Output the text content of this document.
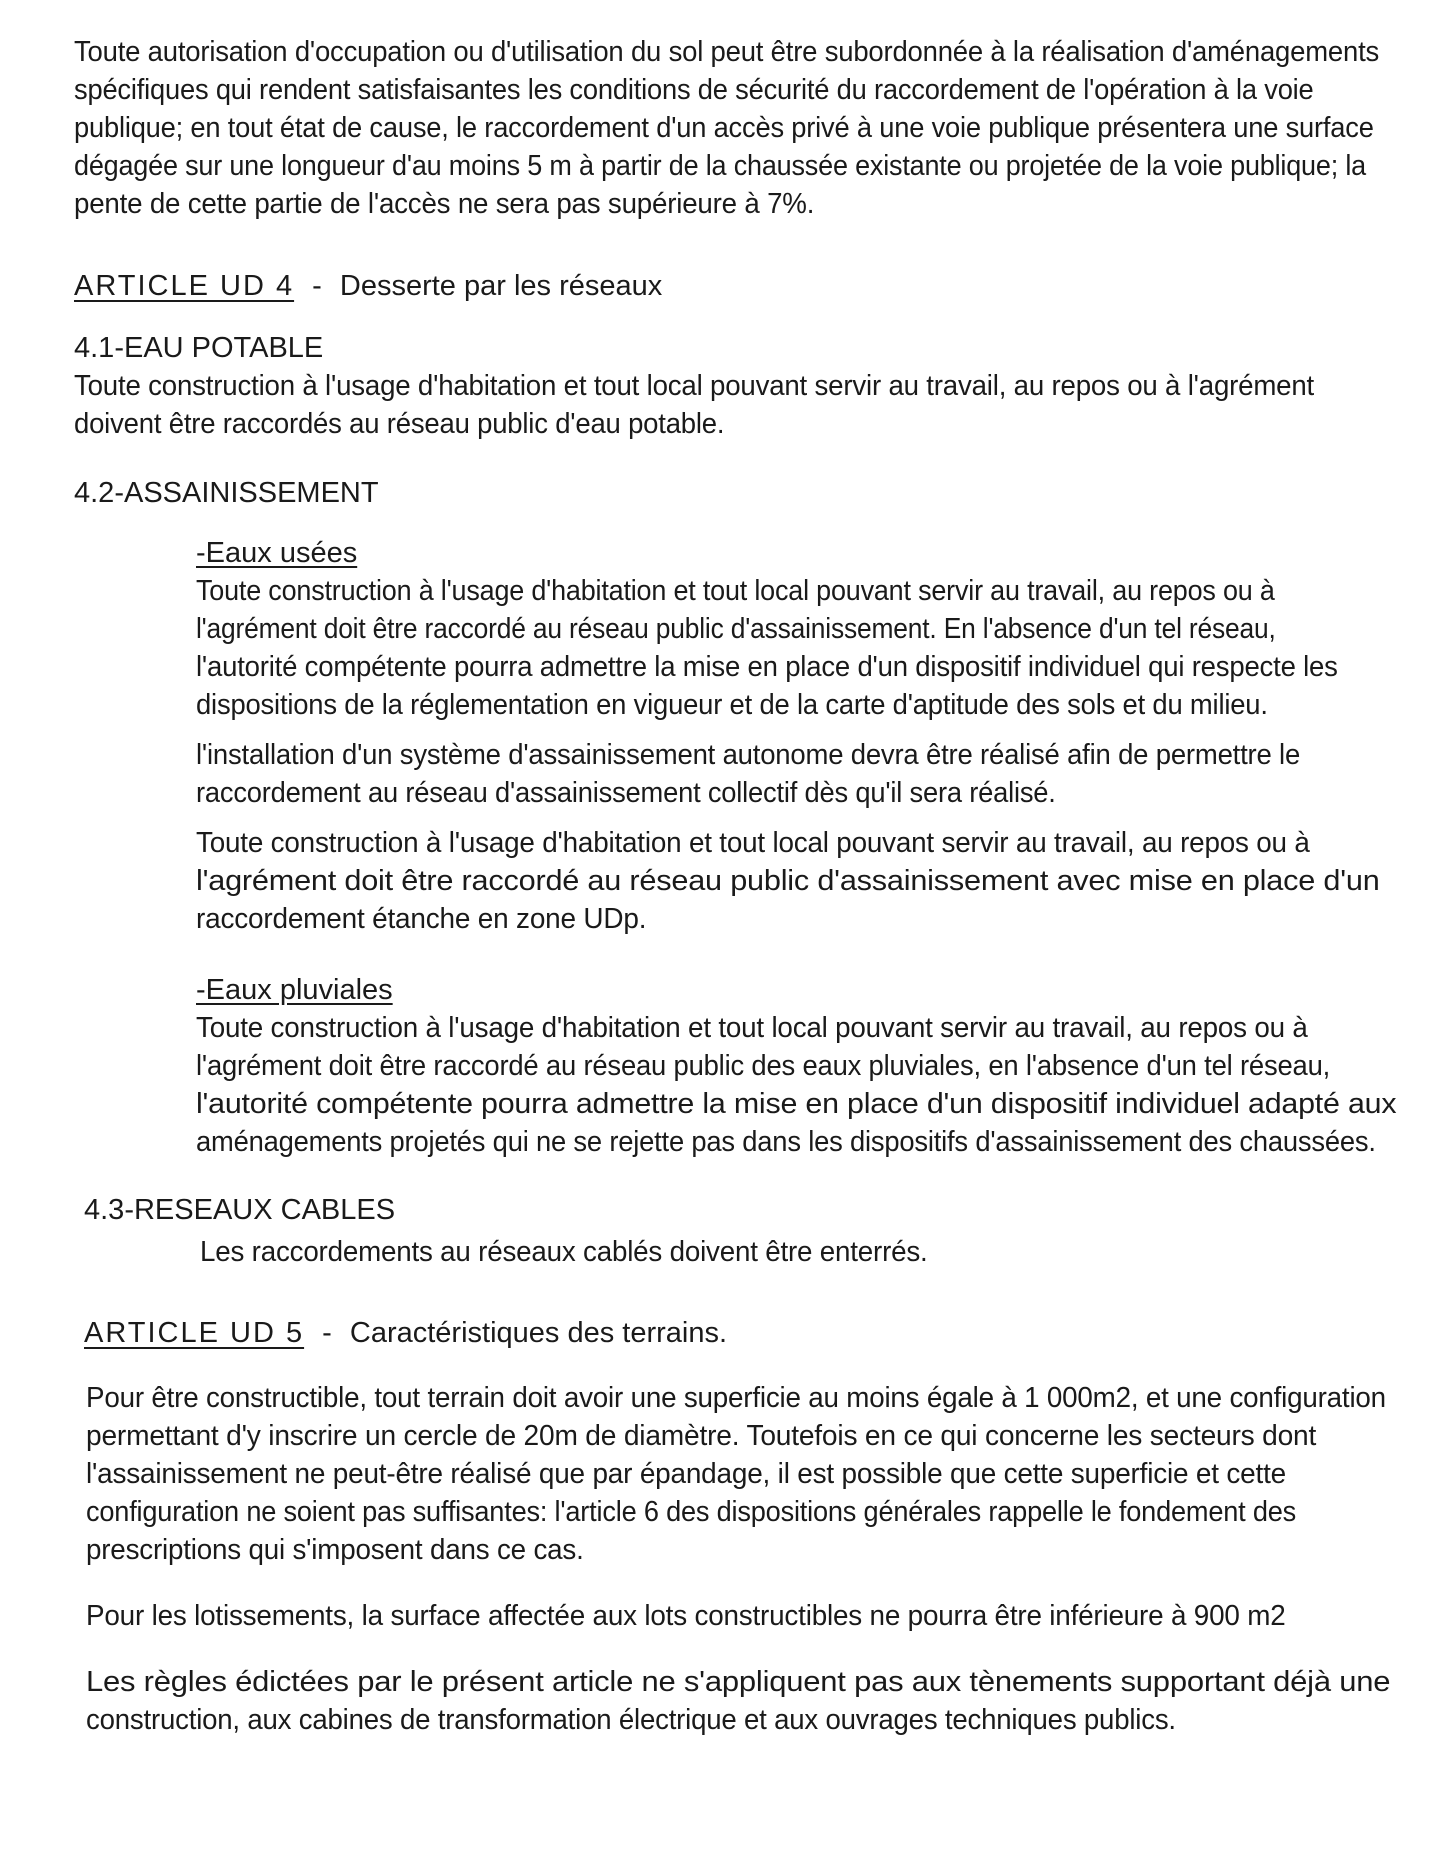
Toute autorisation d'occupation ou d'utilisation du sol peut être subordonnée à la réalisation d'aménagements
spécifiques qui rendent satisfaisantes les conditions de sécurité du raccordement de l'opération à la voie
publique; en tout état de cause, le raccordement d'un accès privé à une voie publique présentera une surface
dégagée sur une longueur d'au moins 5 m à partir de la chaussée existante ou projetée de la voie publique; la
pente de cette partie de l'accès ne sera pas supérieure à 7%.
ARTICLE UD 4 - Desserte par les réseaux
4.1-EAU POTABLE
Toute construction à l'usage d'habitation et tout local pouvant servir au travail, au repos ou à l'agrément
doivent être raccordés au réseau public d'eau potable.
4.2-ASSAINISSEMENT
-Eaux usées
Toute construction à l'usage d'habitation et tout local pouvant servir au travail, au repos ou à
l'agrément doit être raccordé au réseau public d'assainissement. En l'absence d'un tel réseau,
l'autorité compétente pourra admettre la mise en place d'un dispositif individuel qui respecte les
dispositions de la réglementation en vigueur et de la carte d'aptitude des sols et du milieu.
l'installation d'un système d'assainissement autonome devra être réalisé afin de permettre le
raccordement au réseau d'assainissement collectif dès qu'il sera réalisé.
Toute construction à l'usage d'habitation et tout local pouvant servir au travail, au repos ou à
l'agrément doit être raccordé au réseau public d'assainissement avec mise en place d'un
raccordement étanche en zone UDp.
-Eaux pluviales
Toute construction à l'usage d'habitation et tout local pouvant servir au travail, au repos ou à
l'agrément doit être raccordé au réseau public des eaux pluviales, en l'absence d'un tel réseau,
l'autorité compétente pourra admettre la mise en place d'un dispositif individuel adapté aux
aménagements projetés qui ne se rejette pas dans les dispositifs d'assainissement des chaussées.
4.3-RESEAUX CABLES
Les raccordements au réseaux cablés doivent être enterrés.
ARTICLE UD 5 - Caractéristiques des terrains.
Pour être constructible, tout terrain doit avoir une superficie au moins égale à 1 000m2, et une configuration
permettant d'y inscrire un cercle de 20m de diamètre. Toutefois en ce qui concerne les secteurs dont
l'assainissement ne peut-être réalisé que par épandage, il est possible que cette superficie et cette
configuration ne soient pas suffisantes: l'article 6 des dispositions générales rappelle le fondement des
prescriptions qui s'imposent dans ce cas.
Pour les lotissements, la surface affectée aux lots constructibles ne pourra être inférieure à 900 m2
Les règles édictées par le présent article ne s'appliquent pas aux tènements supportant déjà une
construction, aux cabines de transformation électrique et aux ouvrages techniques publics.
